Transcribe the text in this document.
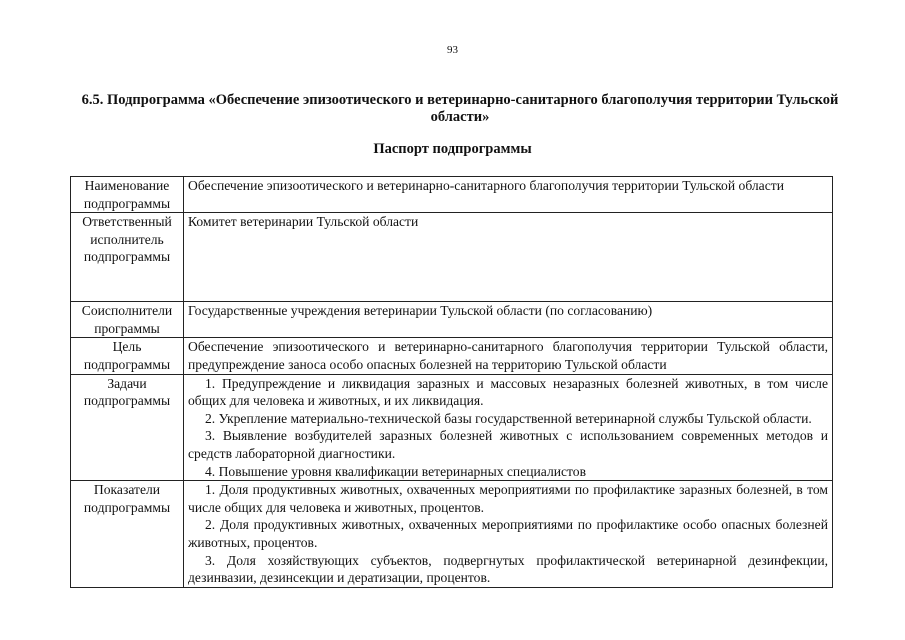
93
6.5. Подпрограмма «Обеспечение эпизоотического и ветеринарно-санитарного благополучия территории Тульской области»
Паспорт подпрограммы
Наименование подпрограммы	Обеспечение эпизоотического и ветеринарно-санитарного благополучия территории Тульской области

Ответственный исполнитель подпрограммы	Комитет ветеринарии Тульской области

Соисполнители программы	Государственные учреждения ветеринарии Тульской области (по согласованию)

Цель подпрограммы	Обеспечение эпизоотического и ветеринарно-санитарного благополучия территории Тульской области, предупреждение заноса особо опасных болезней на территорию Тульской области

Задачи подпрограммы	1. Предупреждение и ликвидация заразных и массовых незаразных болезней животных, в том числе общих для человека и животных, и их ликвидация.
2. Укрепление материально-технической базы государственной ветеринарной службы Тульской области.
3. Выявление возбудителей заразных болезней животных с использованием современных методов и средств лабораторной диагностики.
4. Повышение уровня квалификации ветеринарных специалистов

Показатели подпрограммы	1. Доля продуктивных животных, охваченных мероприятиями по профилактике заразных болезней, в том числе общих для человека и животных, процентов.
2. Доля продуктивных животных, охваченных мероприятиями по профилактике особо опасных болезней животных, процентов.
3. Доля хозяйствующих субъектов, подвергнутых профилактической ветеринарной дезинфекции, дезинвазии, дезинсекции и дератизации, процентов.
